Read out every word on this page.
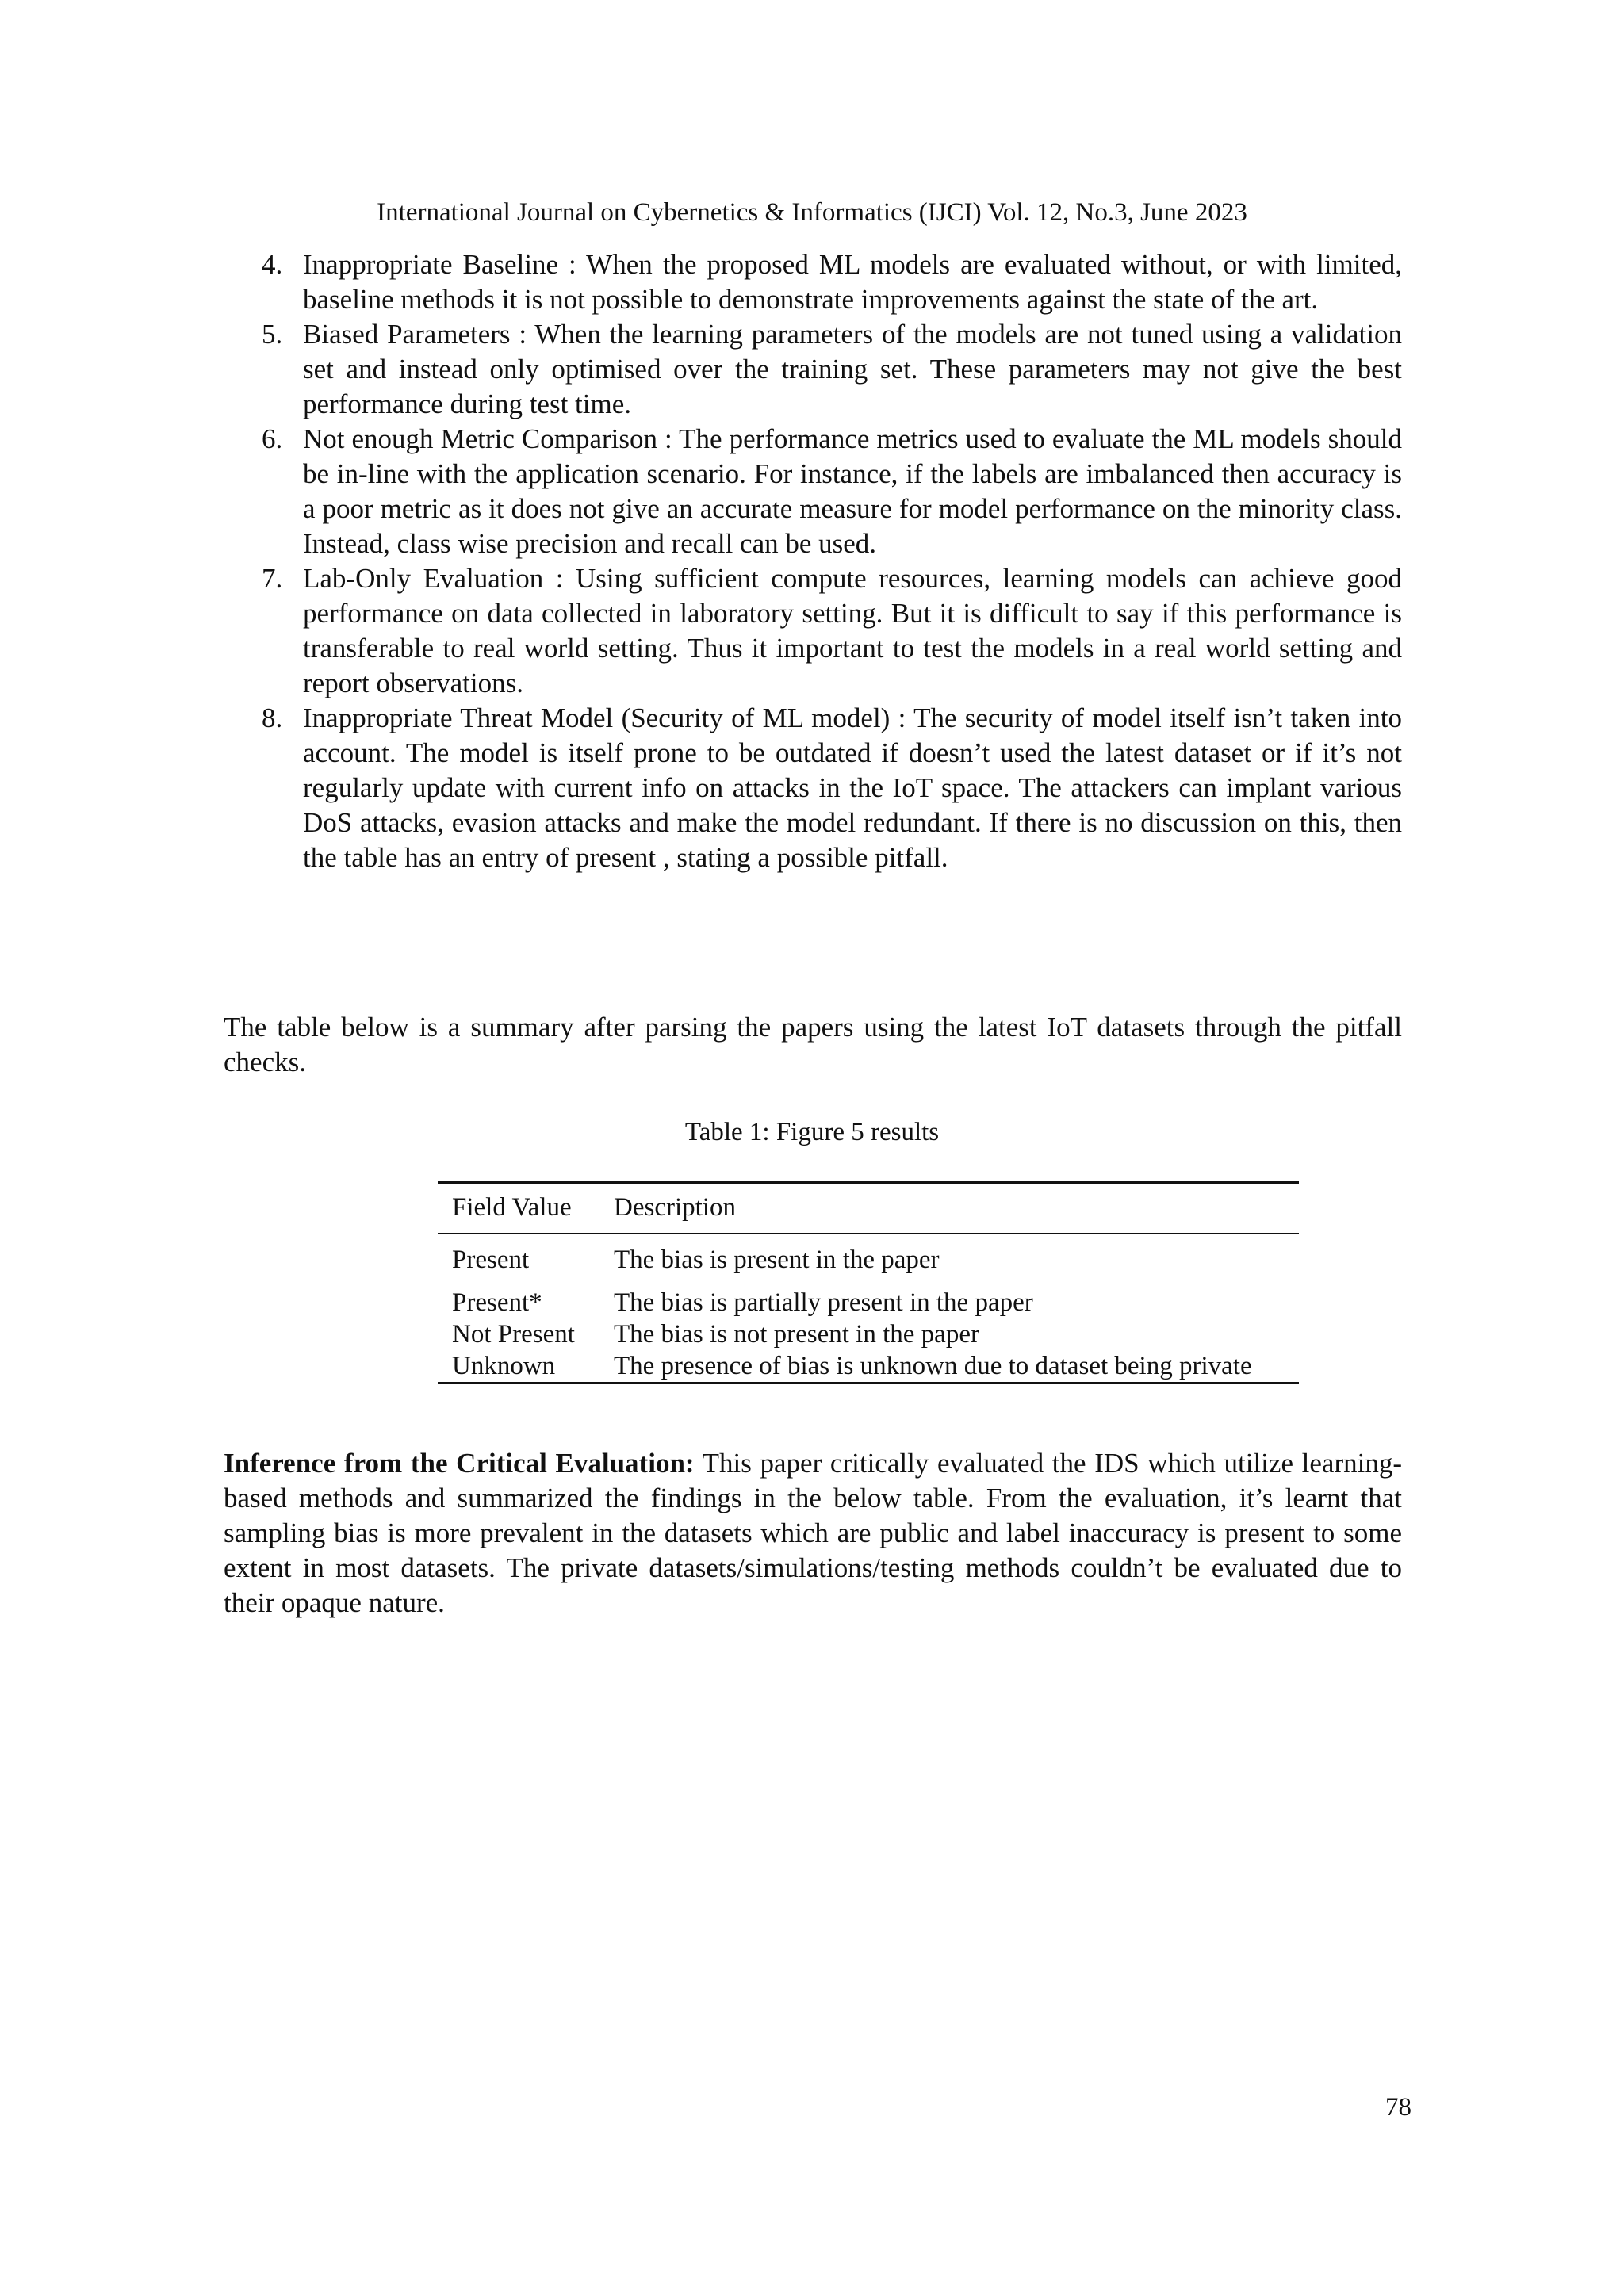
International Journal on Cybernetics & Informatics (IJCI) Vol. 12, No.3, June 2023

4. Inappropriate Baseline : When the proposed ML models are evaluated without, or with limited, baseline methods it is not possible to demonstrate improvements against the state of the art.
5. Biased Parameters : When the learning parameters of the models are not tuned using a validation set and instead only optimised over the training set. These parameters may not give the best performance during test time.
6. Not enough Metric Comparison : The performance metrics used to evaluate the ML models should be in-line with the application scenario. For instance, if the labels are imbalanced then accuracy is a poor metric as it does not give an accurate measure for model performance on the minority class. Instead, class wise precision and recall can be used.
7. Lab-Only Evaluation : Using sufficient compute resources, learning models can achieve good performance on data collected in laboratory setting. But it is difficult to say if this performance is transferable to real world setting. Thus it important to test the models in a real world setting and report observations.
8. Inappropriate Threat Model (Security of ML model) : The security of model itself isn’t taken into account. The model is itself prone to be outdated if doesn’t used the latest dataset or if it’s not regularly update with current info on attacks in the IoT space. The attackers can implant various DoS attacks, evasion attacks and make the model redundant. If there is no discussion on this, then the table has an entry of present , stating a possible pitfall.

The table below is a summary after parsing the papers using the latest IoT datasets through the pitfall checks.

Table 1: Figure 5 results

Field Value	Description
Present	The bias is present in the paper
Present*	The bias is partially present in the paper
Not Present	The bias is not present in the paper
Unknown	The presence of bias is unknown due to dataset being private

Inference from the Critical Evaluation: This paper critically evaluated the IDS which utilize learning-based methods and summarized the findings in the below table. From the evaluation, it’s learnt that sampling bias is more prevalent in the datasets which are public and label inaccuracy is present to some extent in most datasets. The private datasets/simulations/testing methods couldn’t be evaluated due to their opaque nature.

78
